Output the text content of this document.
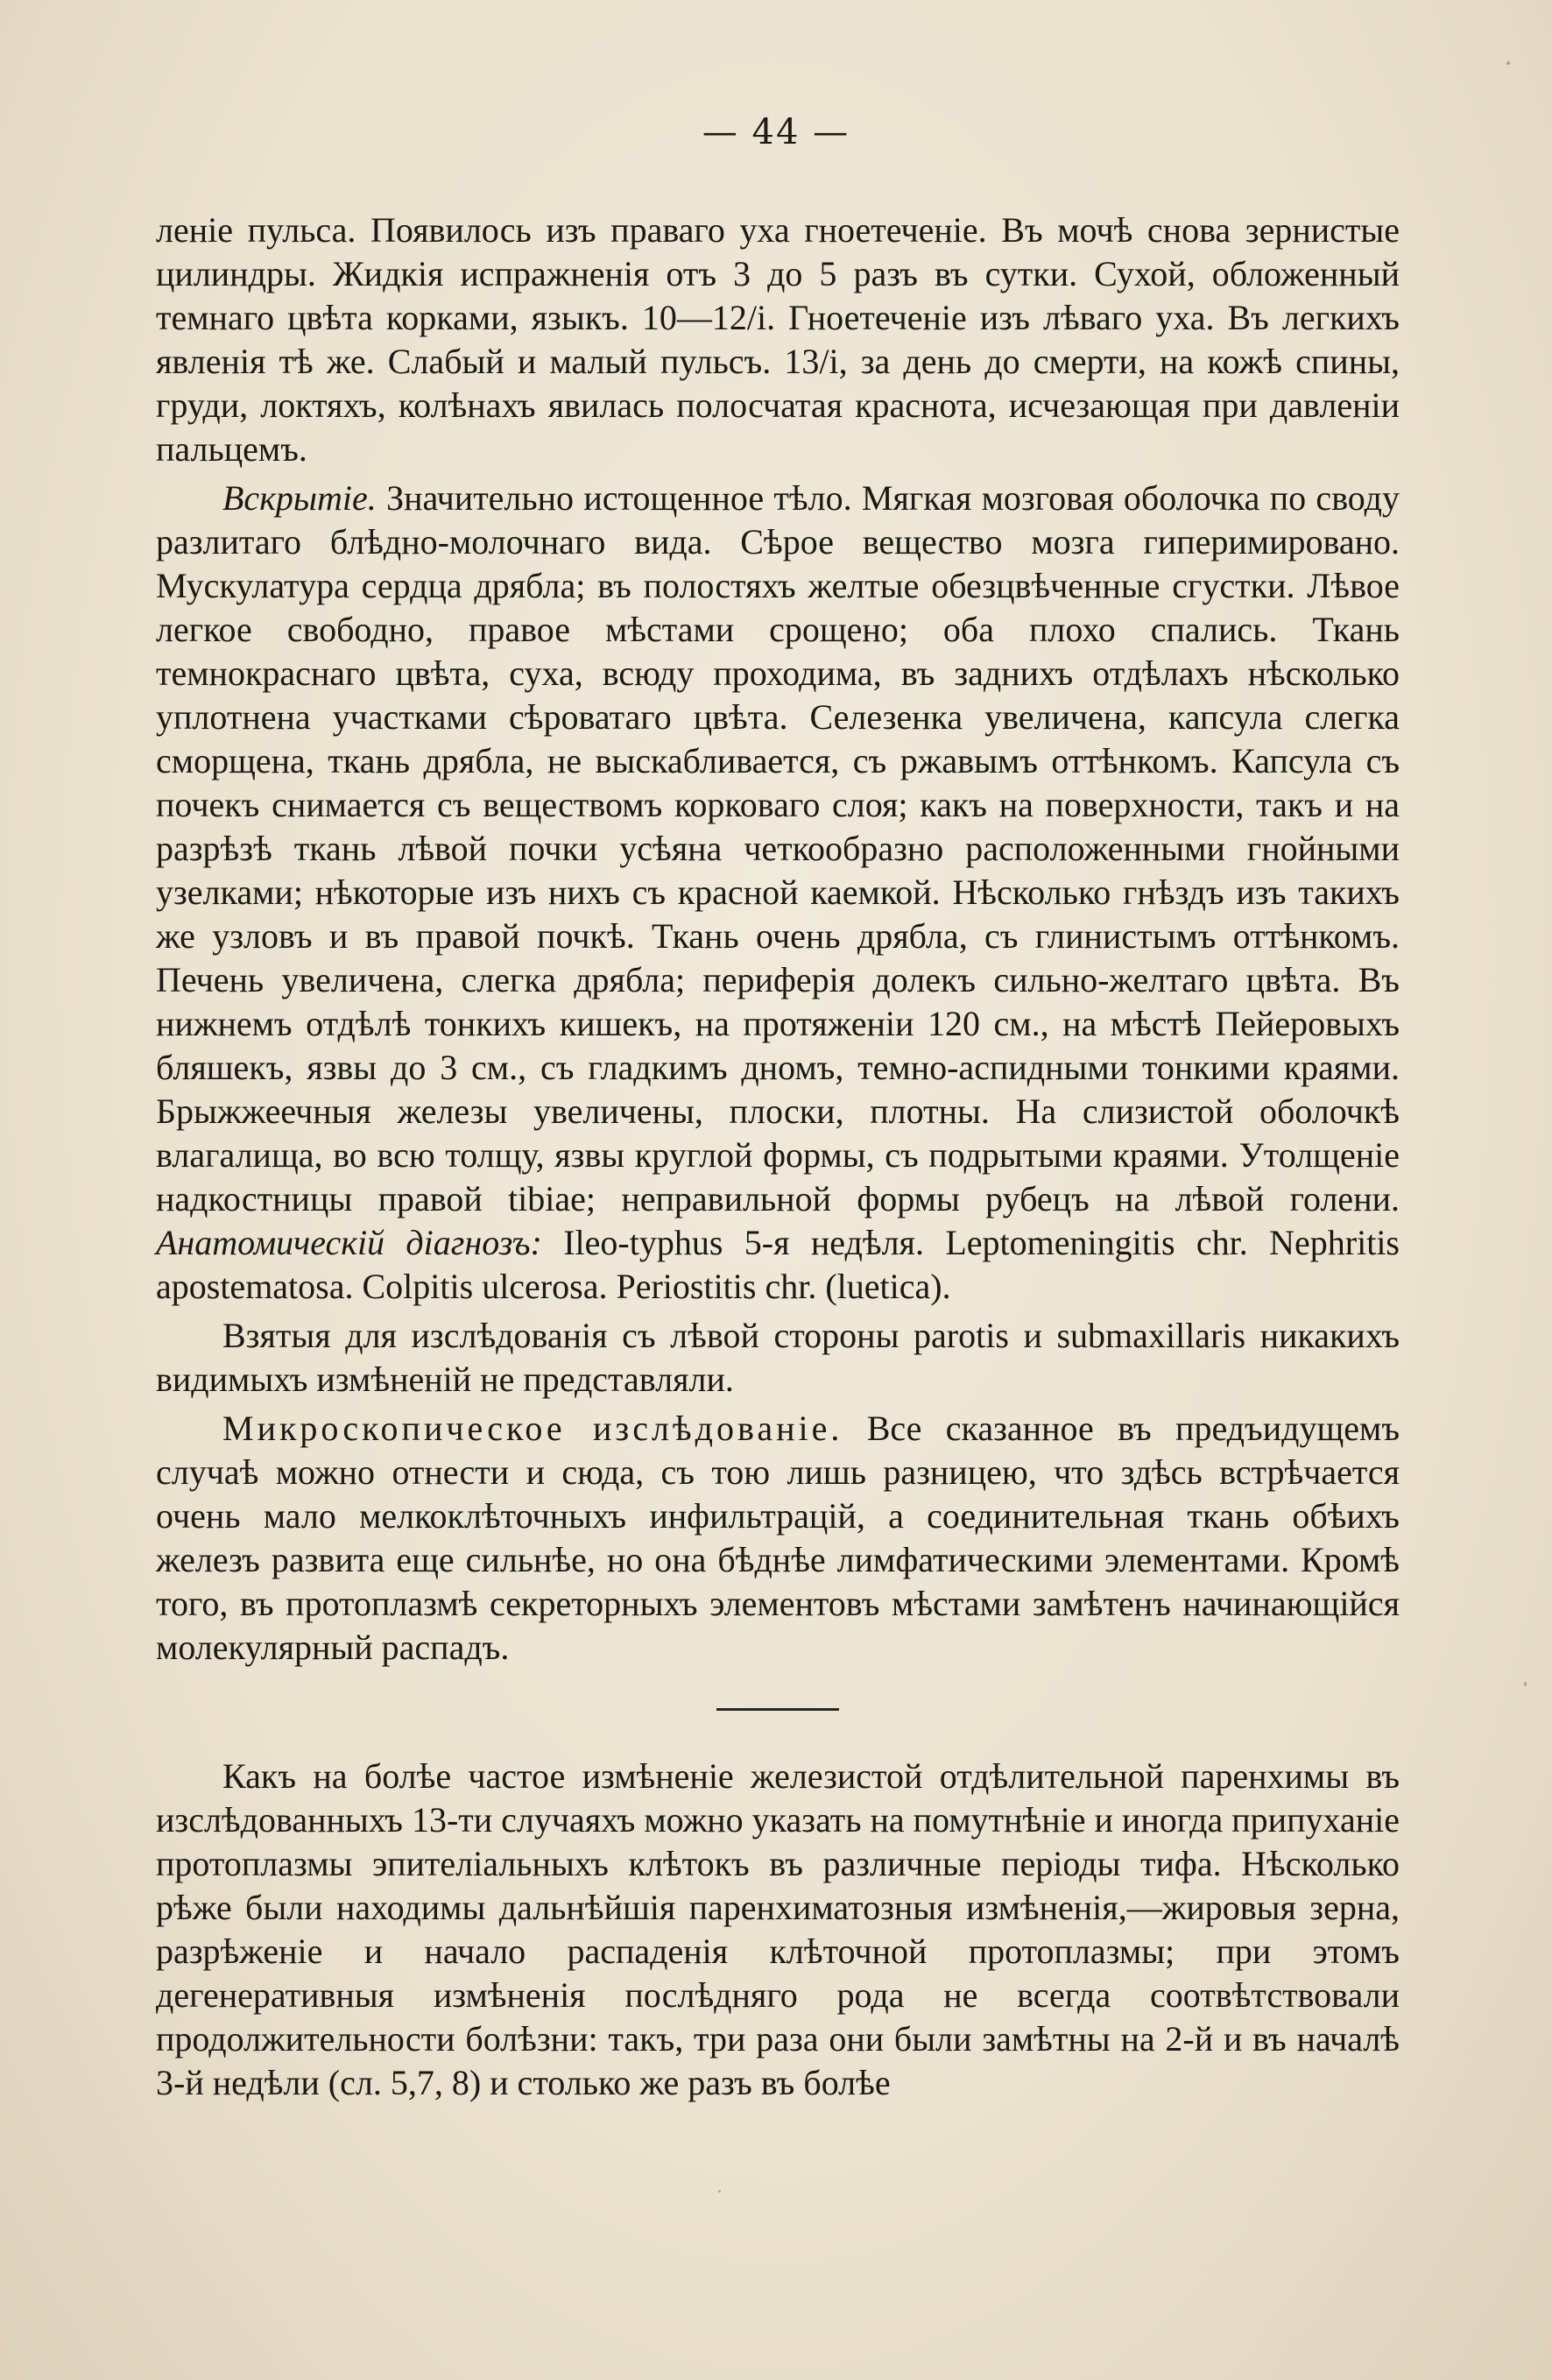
— 44 —

леніе пульса. Появилось изъ праваго уха гноетеченіе. Въ мочѣ снова зернистые цилиндры. Жидкія испражненія отъ 3 до 5 разъ въ сутки. Сухой, обложенный темнаго цвѣта корками, языкъ. 10—12/і. Гноетеченіе изъ лѣваго уха. Въ легкихъ явленія тѣ же. Слабый и малый пульсъ. 13/і, за день до смерти, на кожѣ спины, груди, локтяхъ, колѣнахъ явилась полосчатая краснота, исчезающая при давленіи пальцемъ.

Вскрытіе. Значительно истощенное тѣло. Мягкая мозговая оболочка по своду разлитаго блѣдно-молочнаго вида. Сѣрое вещество мозга гиперимировано. Мускулатура сердца дрябла; въ полостяхъ желтые обезцвѣченные сгустки. Лѣвое легкое свободно, правое мѣстами срощено; оба плохо спались. Ткань темнокраснаго цвѣта, суха, всюду проходима, въ заднихъ отдѣлахъ нѣсколько уплотнена участками сѣроватаго цвѣта. Селезенка увеличена, капсула слегка сморщена, ткань дрябла, не выскабливается, съ ржавымъ оттѣнкомъ. Капсула съ почекъ снимается съ веществомъ корковаго слоя; какъ на поверхности, такъ и на разрѣзѣ ткань лѣвой почки усѣяна четкообразно расположенными гнойными узелками; нѣкоторые изъ нихъ съ красной каемкой. Нѣсколько гнѣздъ изъ такихъ же узловъ и въ правой почкѣ. Ткань очень дрябла, съ глинистымъ оттѣнкомъ. Печень увеличена, слегка дрябла; периферія долекъ сильно-желтаго цвѣта. Въ нижнемъ отдѣлѣ тонкихъ кишекъ, на протяженіи 120 см., на мѣстѣ Пейеровыхъ бляшекъ, язвы до 3 см., съ гладкимъ дномъ, темно-аспидными тонкими краями. Брыжжеечныя железы увеличены, плоски, плотны. На слизистой оболочкѣ влагалища, во всю толщу, язвы круглой формы, съ подрытыми краями. Утолщеніе надкостницы правой tibiae; неправильной формы рубецъ на лѣвой голени. Анатомическій діагнозъ: Ileo-typhus 5-я недѣля. Leptomeningitis chr. Nephritis apostematosa. Colpitis ulcerosa. Periostitis chr. (luetica).

Взятыя для изслѣдованія съ лѣвой стороны parotis и submaxillaris никакихъ видимыхъ измѣненій не представляли.

Микроскопическое изслѣдованіе. Все сказанное въ предъидущемъ случаѣ можно отнести и сюда, съ тою лишь разницею, что здѣсь встрѣчается очень мало мелкоклѣточныхъ инфильтрацій, а соединительная ткань обѣихъ железъ развита еще сильнѣе, но она бѣднѣе лимфатическими элементами. Кромѣ того, въ протоплазмѣ секреторныхъ элементовъ мѣстами замѣтенъ начинающійся молекулярный распадъ.

Какъ на болѣе частое измѣненіе железистой отдѣлительной паренхимы въ изслѣдованныхъ 13-ти случаяхъ можно указать на помутнѣніе и иногда припуханіе протоплазмы эпителіальныхъ клѣтокъ въ различные періоды тифа. Нѣсколько рѣже были находимы дальнѣйшія паренхиматозныя измѣненія,—жировыя зерна, разрѣженіе и начало распаденія клѣточной протоплазмы; при этомъ дегенеративныя измѣненія послѣдняго рода не всегда соотвѣтствовали продолжительности болѣзни: такъ, три раза они были замѣтны на 2-й и въ началѣ 3-й недѣли (сл. 5,7, 8) и столько же разъ въ болѣе
